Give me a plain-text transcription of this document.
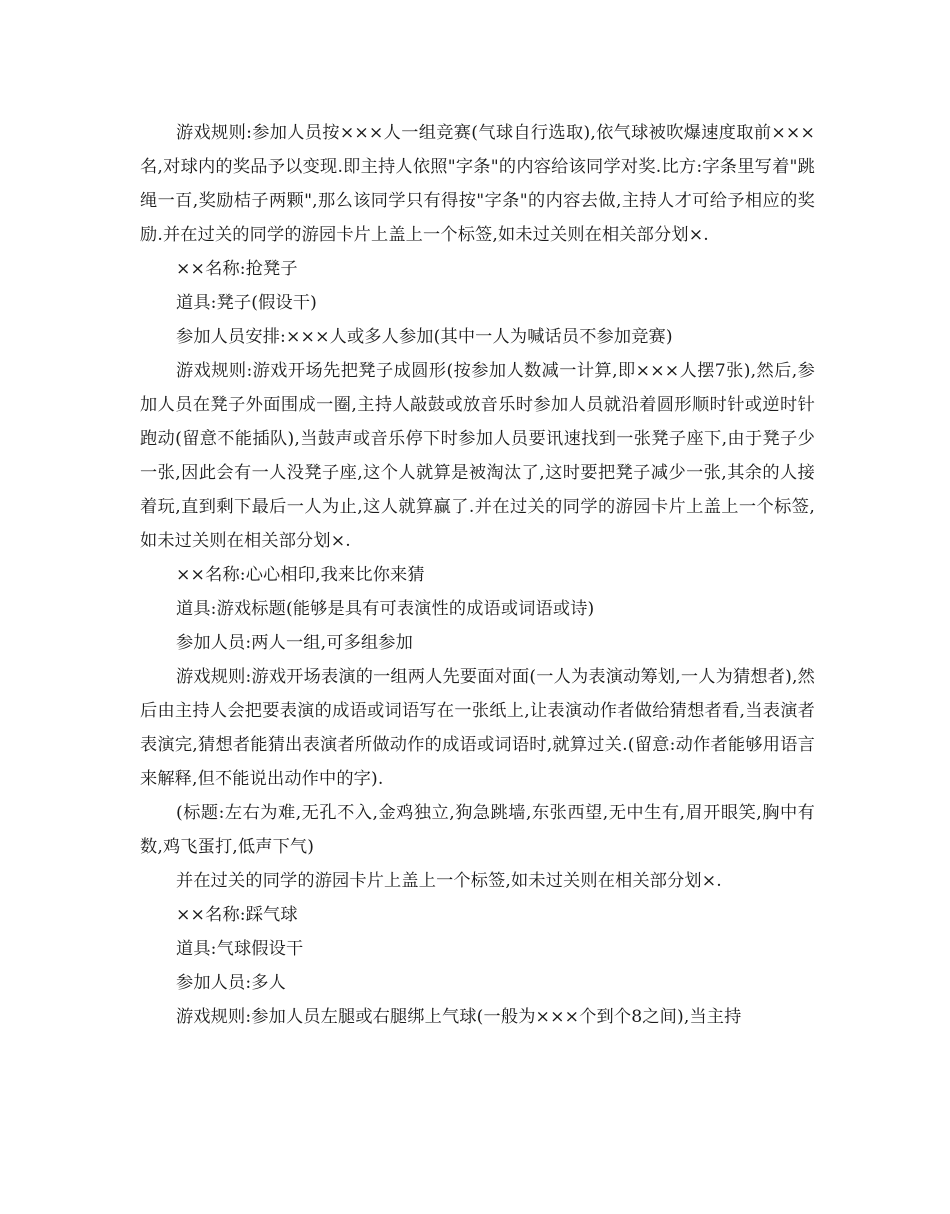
游戏规则:参加人员按×××人一组竞赛(气球自行选取),依气球被吹爆速度取前×××名,对球内的奖品予以变现.即主持人依照"字条"的内容给该同学对奖.比方:字条里写着"跳绳一百,奖励桔子两颗",那么该同学只有得按"字条"的内容去做,主持人才可给予相应的奖励.并在过关的同学的游园卡片上盖上一个标签,如未过关则在相关部分划×.

××名称:抢凳子

道具:凳子(假设干)

参加人员安排:×××人或多人参加(其中一人为喊话员不参加竞赛)

游戏规则:游戏开场先把凳子成圆形(按参加人数减一计算,即×××人摆7张),然后,参加人员在凳子外面围成一圈,主持人敲鼓或放音乐时参加人员就沿着圆形顺时针或逆时针跑动(留意不能插队),当鼓声或音乐停下时参加人员要讯速找到一张凳子座下,由于凳子少一张,因此会有一人没凳子座,这个人就算是被淘汰了,这时要把凳子减少一张,其余的人接着玩,直到剩下最后一人为止,这人就算赢了.并在过关的同学的游园卡片上盖上一个标签,如未过关则在相关部分划×.

××名称:心心相印,我来比你来猜

道具:游戏标题(能够是具有可表演性的成语或词语或诗)

参加人员:两人一组,可多组参加

游戏规则:游戏开场表演的一组两人先要面对面(一人为表演动筹划,一人为猜想者),然后由主持人会把要表演的成语或词语写在一张纸上,让表演动作者做给猜想者看,当表演者表演完,猜想者能猜出表演者所做动作的成语或词语时,就算过关.(留意:动作者能够用语言来解释,但不能说出动作中的字).

(标题:左右为难,无孔不入,金鸡独立,狗急跳墙,东张西望,无中生有,眉开眼笑,胸中有数,鸡飞蛋打,低声下气)

并在过关的同学的游园卡片上盖上一个标签,如未过关则在相关部分划×.

××名称:踩气球

道具:气球假设干

参加人员:多人

游戏规则:参加人员左腿或右腿绑上气球(一般为×××个到个8之间),当主持
